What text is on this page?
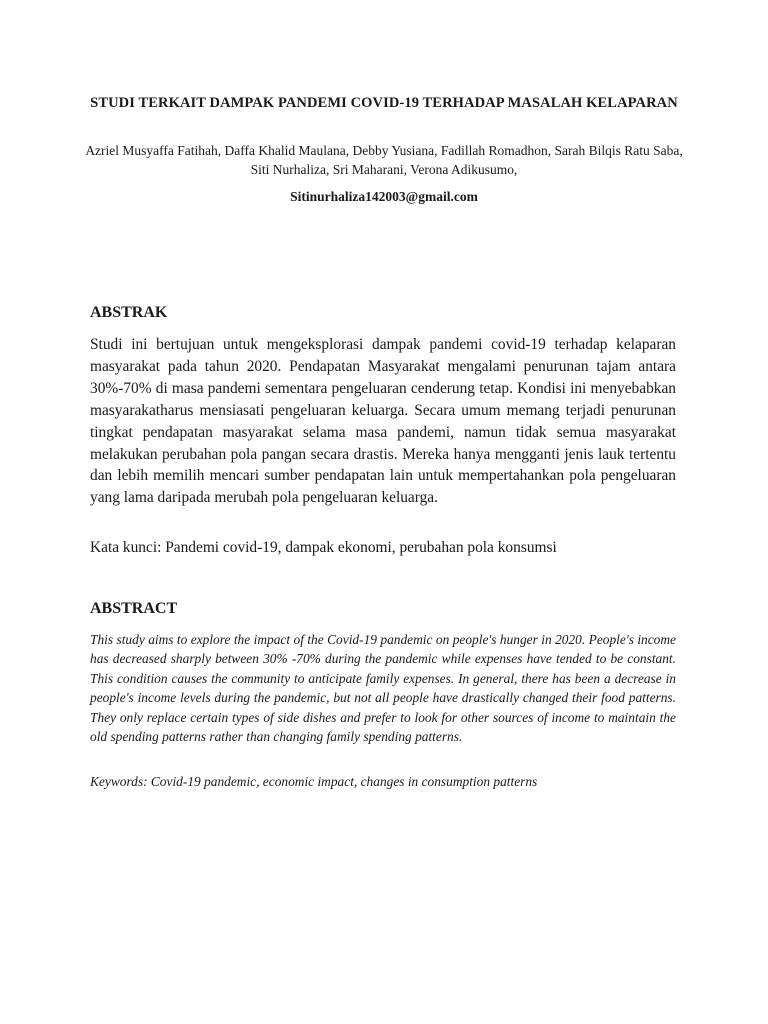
STUDI TERKAIT DAMPAK PANDEMI COVID-19 TERHADAP MASALAH KELAPARAN
Azriel Musyaffa Fatihah, Daffa Khalid Maulana, Debby Yusiana, Fadillah Romadhon, Sarah Bilqis Ratu Saba, Siti Nurhaliza, Sri Maharani, Verona Adikusumo,
Sitinurhaliza142003@gmail.com
ABSTRAK
Studi ini bertujuan untuk mengeksplorasi dampak pandemi covid-19 terhadap kelaparan masyarakat pada tahun 2020. Pendapatan Masyarakat mengalami penurunan tajam antara 30%-70% di masa pandemi sementara pengeluaran cenderung tetap. Kondisi ini menyebabkan masyarakatharus mensiasati pengeluaran keluarga. Secara umum memang terjadi penurunan tingkat pendapatan masyarakat selama masa pandemi, namun tidak semua masyarakat melakukan perubahan pola pangan secara drastis. Mereka hanya mengganti jenis lauk tertentu dan lebih memilih mencari sumber pendapatan lain untuk mempertahankan pola pengeluaran yang lama daripada merubah pola pengeluaran keluarga.
Kata kunci: Pandemi covid-19, dampak ekonomi, perubahan pola konsumsi
ABSTRACT
This study aims to explore the impact of the Covid-19 pandemic on people's hunger in 2020. People's income has decreased sharply between 30% -70% during the pandemic while expenses have tended to be constant. This condition causes the community to anticipate family expenses. In general, there has been a decrease in people's income levels during the pandemic, but not all people have drastically changed their food patterns. They only replace certain types of side dishes and prefer to look for other sources of income to maintain the old spending patterns rather than changing family spending patterns.
Keywords: Covid-19 pandemic, economic impact, changes in consumption patterns
